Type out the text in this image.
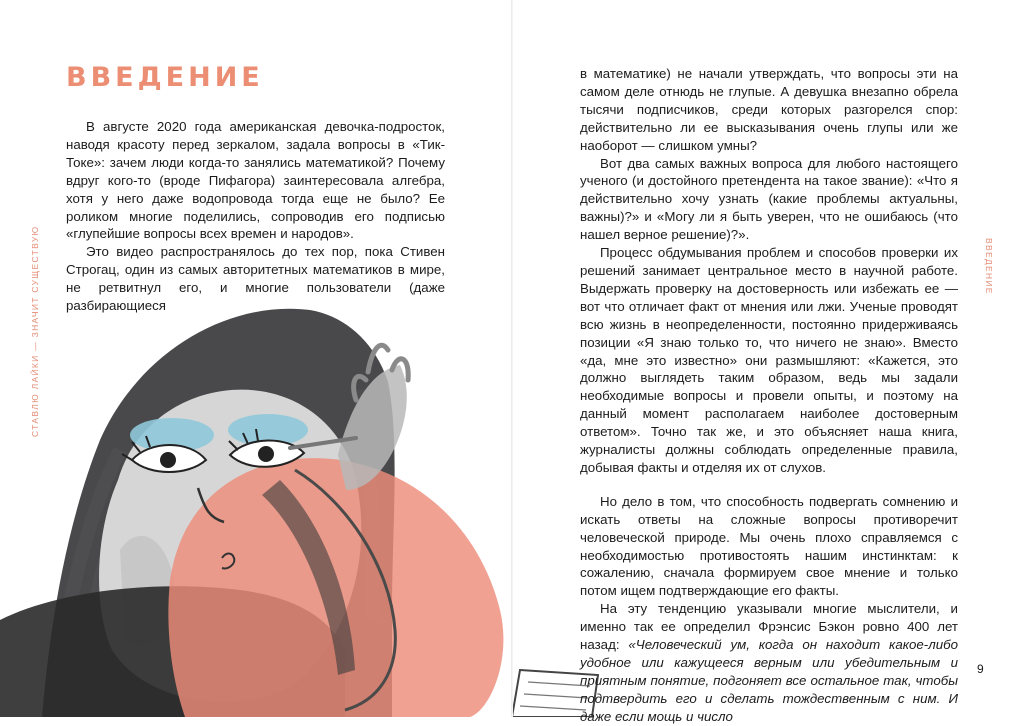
ВВЕДЕНИЕ
СТАВЛЮ ЛАЙКИ — ЗНАЧИТ СУЩЕСТВУЮ

В августе 2020 года американская девочка-подросток, наводя красоту перед зеркалом, задала вопросы в «Тик-Токе»: зачем люди когда-то занялись математикой? Почему вдруг кого-то (вроде Пифагора) заинтересовала алгебра, хотя у него даже водопровода тогда еще не было? Ее роликом многие поделились, сопроводив его подписью «глупейшие вопросы всех времен и народов».

Это видео распространялось до тех пор, пока Стивен Строгац, один из самых авторитетных математиков в мире, не ретвитнул его, и многие пользователи (даже разбирающиеся

ВВЕДЕНИЕ

в математике) не начали утверждать, что вопросы эти на самом деле отнюдь не глупые. А девушка внезапно обрела тысячи подписчиков, среди которых разгорелся спор: действительно ли ее высказывания очень глупы или же наоборот — слишком умны?

Вот два самых важных вопроса для любого настоящего ученого (и достойного претендента на такое звание): «Что я действительно хочу узнать (какие проблемы актуальны, важны)?» и «Могу ли я быть уверен, что не ошибаюсь (что нашел верное решение)?».

Процесс обдумывания проблем и способов проверки их решений занимает центральное место в научной работе. Выдержать проверку на достоверность или избежать ее — вот что отличает факт от мнения или лжи. Ученые проводят всю жизнь в неопределенности, постоянно придерживаясь позиции «Я знаю только то, что ничего не знаю». Вместо «да, мне это известно» они размышляют: «Кажется, это должно выглядеть таким образом, ведь мы задали необходимые вопросы и провели опыты, и поэтому на данный момент располагаем наиболее достоверным ответом». Точно так же, и это объясняет наша книга, журналисты должны соблюдать определенные правила, добывая факты и отделяя их от слухов.

Но дело в том, что способность подвергать сомнению и искать ответы на сложные вопросы противоречит человеческой природе. Мы очень плохо справляемся с необходимостью противостоять нашим инстинктам: к сожалению, сначала формируем свое мнение и только потом ищем подтверждающие его факты.

На эту тенденцию указывали многие мыслители, и именно так ее определил Фрэнсис Бэкон ровно 400 лет назад: «Человеческий ум, когда он находит какое-либо удобное или кажущееся верным или убедительным и приятным понятие, подгоняет все остальное так, чтобы подтвердить его и сделать тождественным с ним. И даже если мощь и число

9
